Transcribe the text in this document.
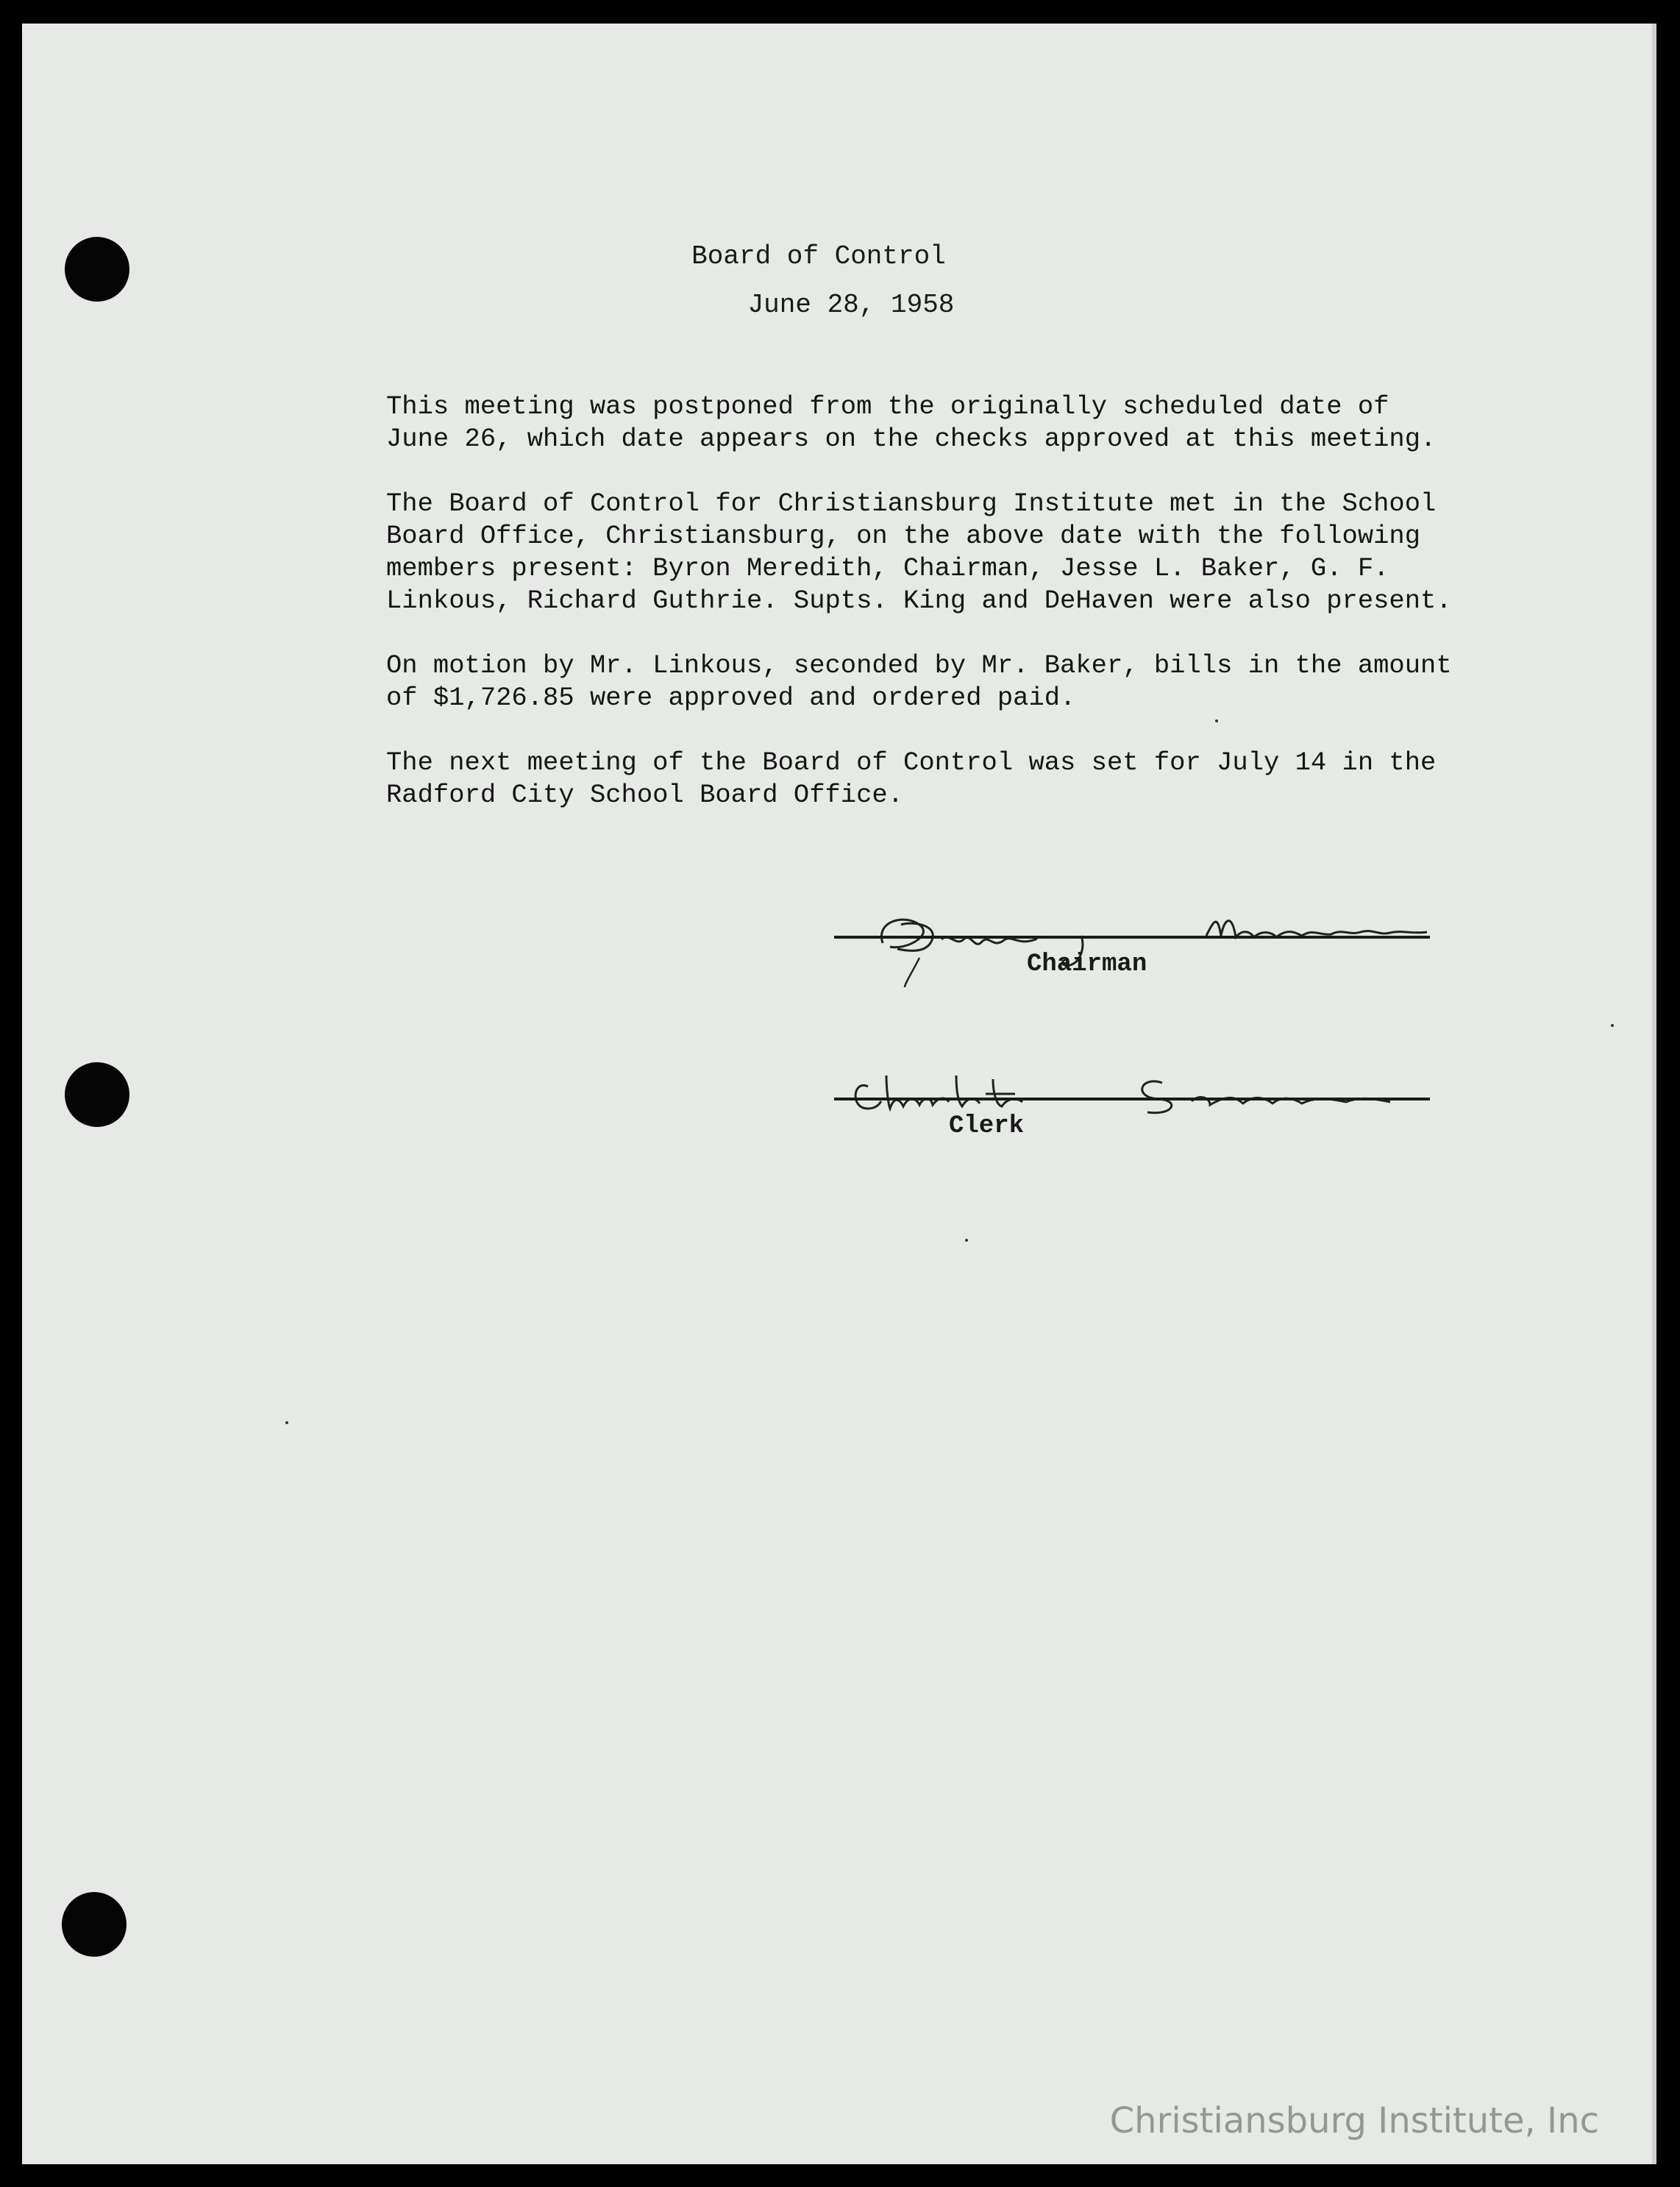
Board of Control
June 28, 1958

This meeting was postponed from the originally scheduled date of
June 26, which date appears on the checks approved at this meeting.

The Board of Control for Christiansburg Institute met in the School
Board Office, Christiansburg, on the above date with the following
members present: Byron Meredith, Chairman, Jesse L. Baker, G. F.
Linkous, Richard Guthrie. Supts. King and DeHaven were also present.

On motion by Mr. Linkous, seconded by Mr. Baker, bills in the amount
of $1,726.85 were approved and ordered paid.

The next meeting of the Board of Control was set for July 14 in the
Radford City School Board Office.

Chairman
Clerk
Christiansburg Institute, Inc
